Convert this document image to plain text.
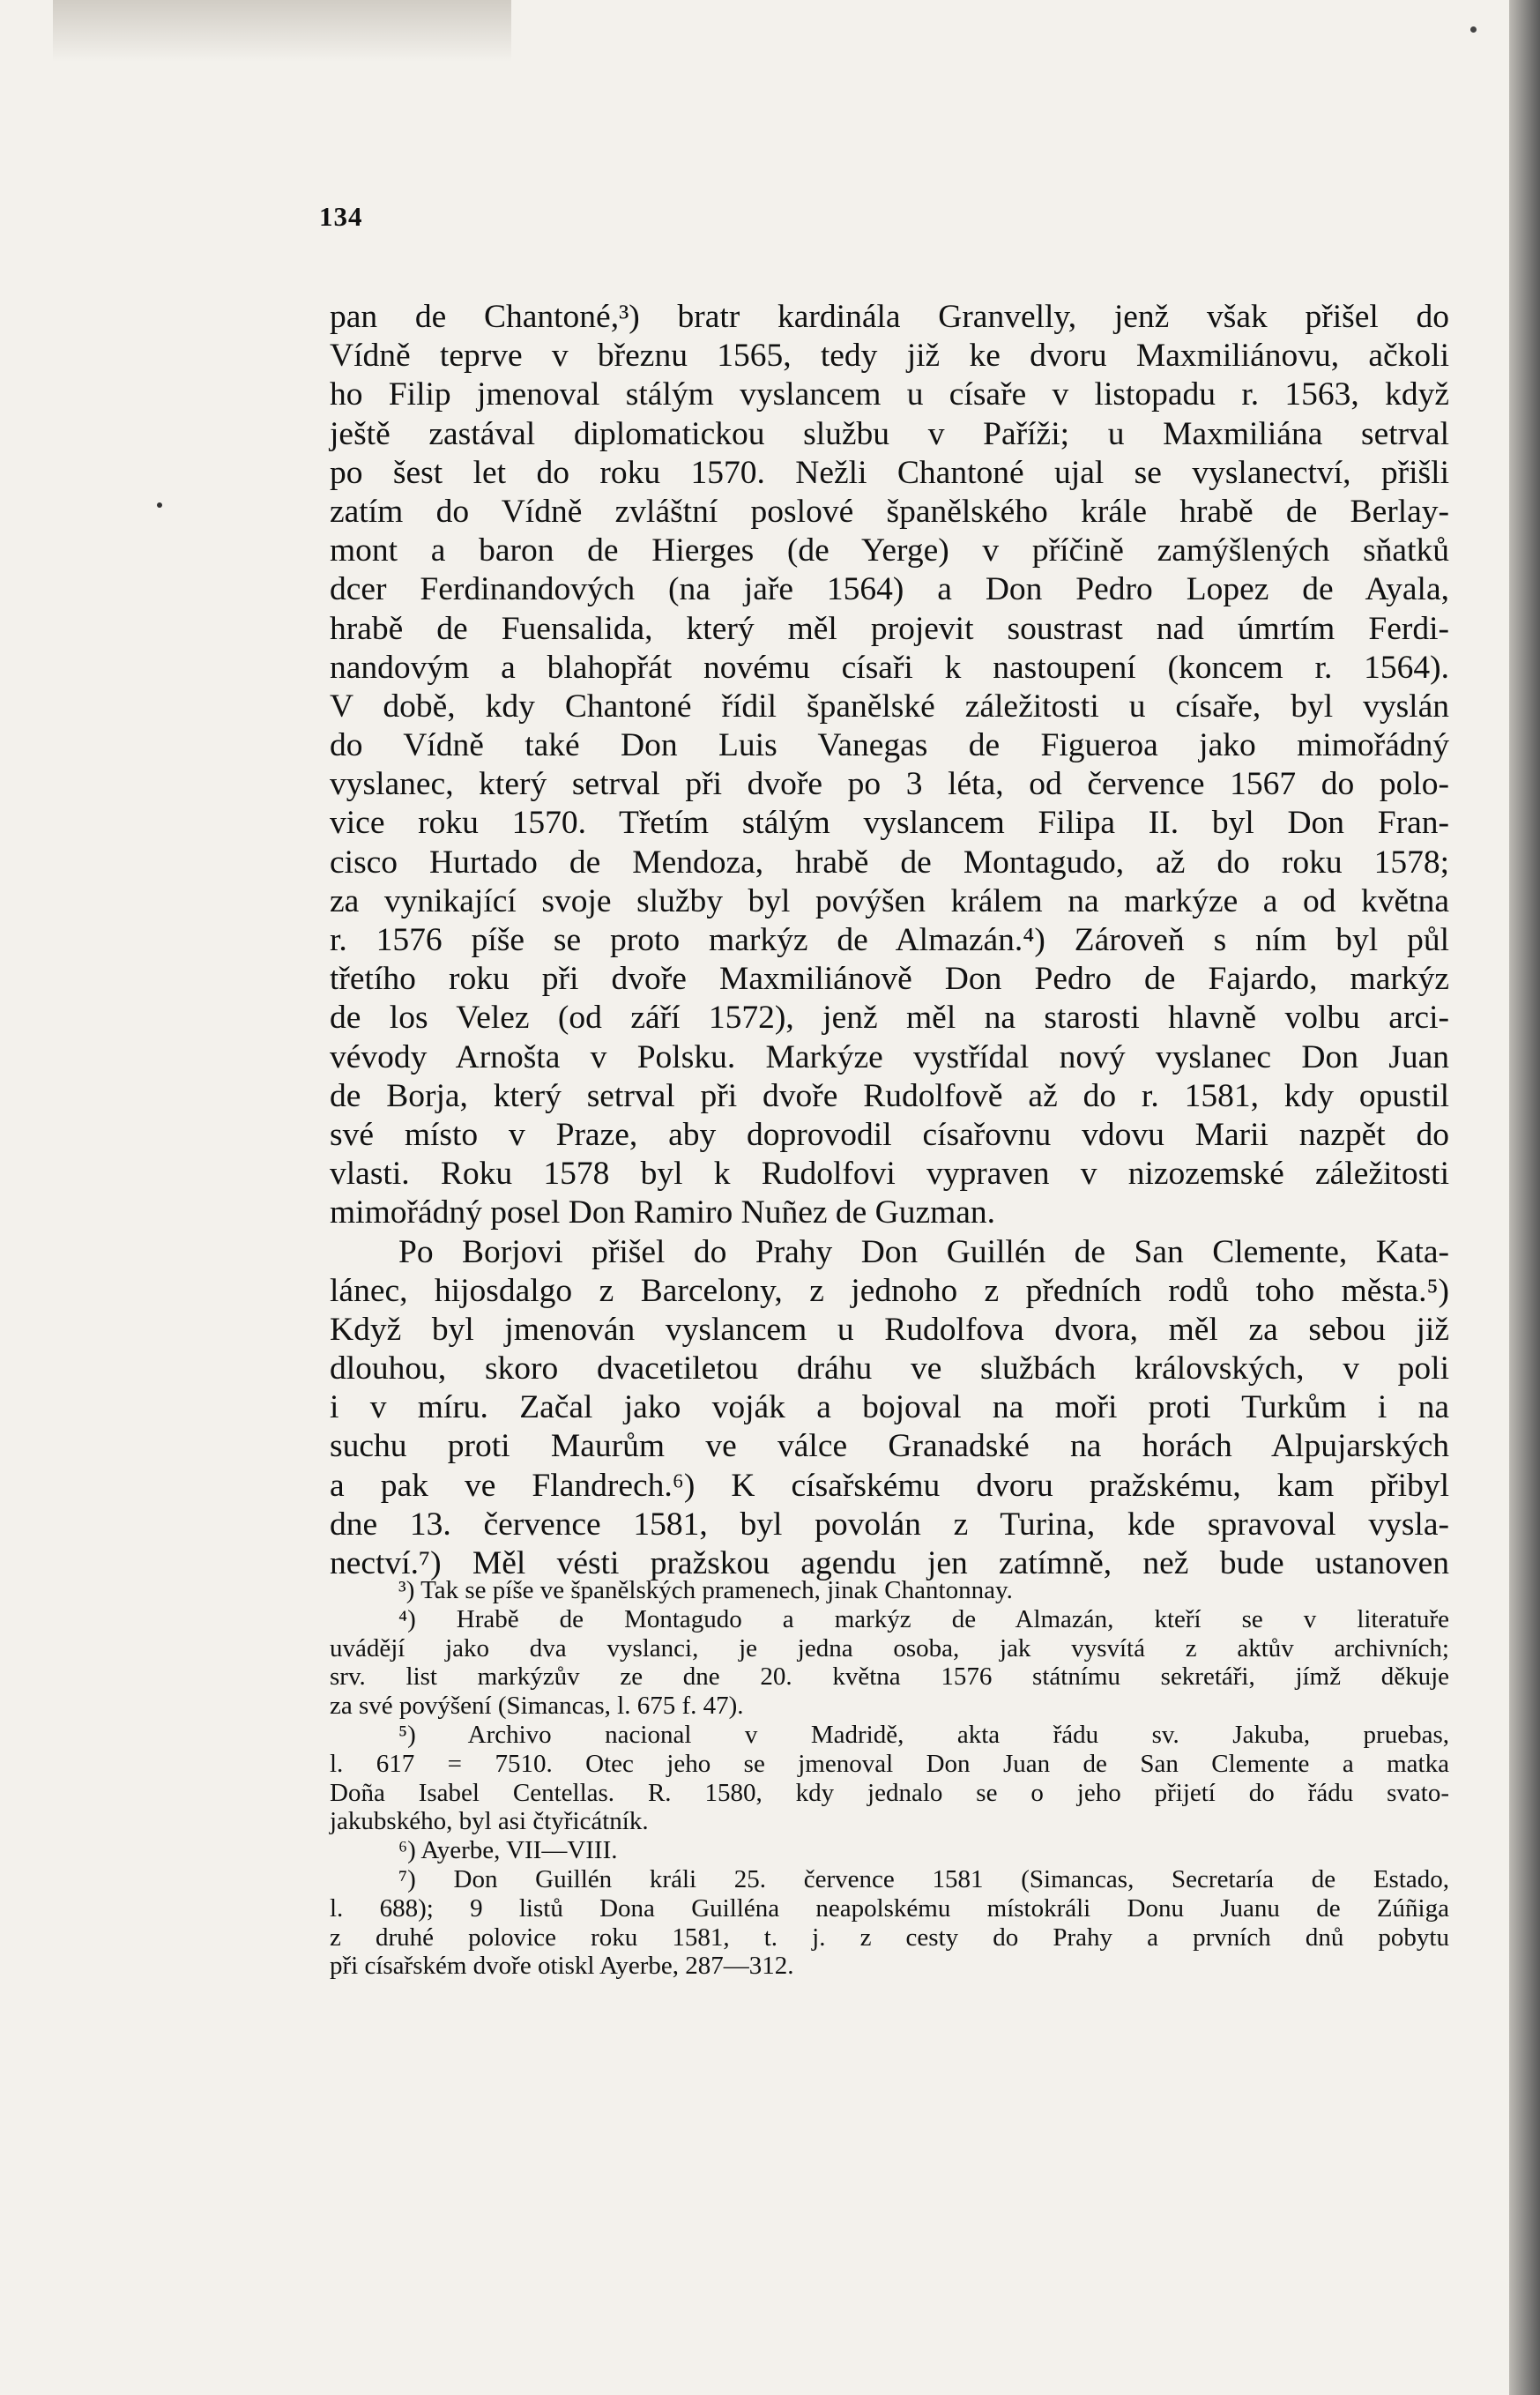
134
pan de Chantoné,³) bratr kardinála Granvelly, jenž však přišel do
Vídně teprve v březnu 1565, tedy již ke dvoru Maxmiliánovu, ačkoli
ho Filip jmenoval stálým vyslancem u císaře v listopadu r. 1563, když
ještě zastával diplomatickou službu v Paříži; u Maxmiliána setrval
po šest let do roku 1570. Nežli Chantoné ujal se vyslanectví, přišli
zatím do Vídně zvláštní poslové španělského krále hrabě de Berlay-
mont a baron de Hierges (de Yerge) v příčině zamýšlených sňatků
dcer Ferdinandových (na jaře 1564) a Don Pedro Lopez de Ayala,
hrabě de Fuensalida, který měl projevit soustrast nad úmrtím Ferdi-
nandovým a blahopřát novému císaři k nastoupení (koncem r. 1564).
V době, kdy Chantoné řídil španělské záležitosti u císaře, byl vyslán
do Vídně také Don Luis Vanegas de Figueroa jako mimořádný
vyslanec, který setrval při dvoře po 3 léta, od července 1567 do polo-
vice roku 1570. Třetím stálým vyslancem Filipa II. byl Don Fran-
cisco Hurtado de Mendoza, hrabě de Montagudo, až do roku 1578;
za vynikající svoje služby byl povýšen králem na markýze a od května
r. 1576 píše se proto markýz de Almazán.⁴) Zároveň s ním byl půl
třetího roku při dvoře Maxmiliánově Don Pedro de Fajardo, markýz
de los Velez (od září 1572), jenž měl na starosti hlavně volbu arci-
vévody Arnošta v Polsku. Markýze vystřídal nový vyslanec Don Juan
de Borja, který setrval při dvoře Rudolfově až do r. 1581, kdy opustil
své místo v Praze, aby doprovodil císařovnu vdovu Marii nazpět do
vlasti. Roku 1578 byl k Rudolfovi vypraven v nizozemské záležitosti
mimořádný posel Don Ramiro Nuñez de Guzman.
Po Borjovi přišel do Prahy Don Guillén de San Clemente, Kata-
lánec, hijosdalgo z Barcelony, z jednoho z předních rodů toho města.⁵)
Když byl jmenován vyslancem u Rudolfova dvora, měl za sebou již
dlouhou, skoro dvacetiletou dráhu ve službách královských, v poli
i v míru. Začal jako voják a bojoval na moři proti Turkům i na
suchu proti Maurům ve válce Granadské na horách Alpujarských
a pak ve Flandrech.⁶) K císařskému dvoru pražskému, kam přibyl
dne 13. července 1581, byl povolán z Turina, kde spravoval vysla-
nectví.⁷) Měl vésti pražskou agendu jen zatímně, než bude ustanoven
³) Tak se píše ve španělských pramenech, jinak Chantonnay.
⁴) Hrabě de Montagudo a markýz de Almazán, kteří se v literatuře
uvádějí jako dva vyslanci, je jedna osoba, jak vysvítá z aktův archivních;
srv. list markýzův ze dne 20. května 1576 státnímu sekretáři, jímž děkuje
za své povýšení (Simancas, l. 675 f. 47).
⁵) Archivo nacional v Madridě, akta řádu sv. Jakuba, pruebas,
l. 617 = 7510. Otec jeho se jmenoval Don Juan de San Clemente a matka
Doña Isabel Centellas. R. 1580, kdy jednalo se o jeho přijetí do řádu svato-
jakubského, byl asi čtyřicátník.
⁶) Ayerbe, VII—VIII.
⁷) Don Guillén králi 25. července 1581 (Simancas, Secretaría de Estado,
l. 688); 9 listů Dona Guilléna neapolskému místokráli Donu Juanu de Zúñiga
z druhé polovice roku 1581, t. j. z cesty do Prahy a prvních dnů pobytu
při císařském dvoře otiskl Ayerbe, 287—312.
